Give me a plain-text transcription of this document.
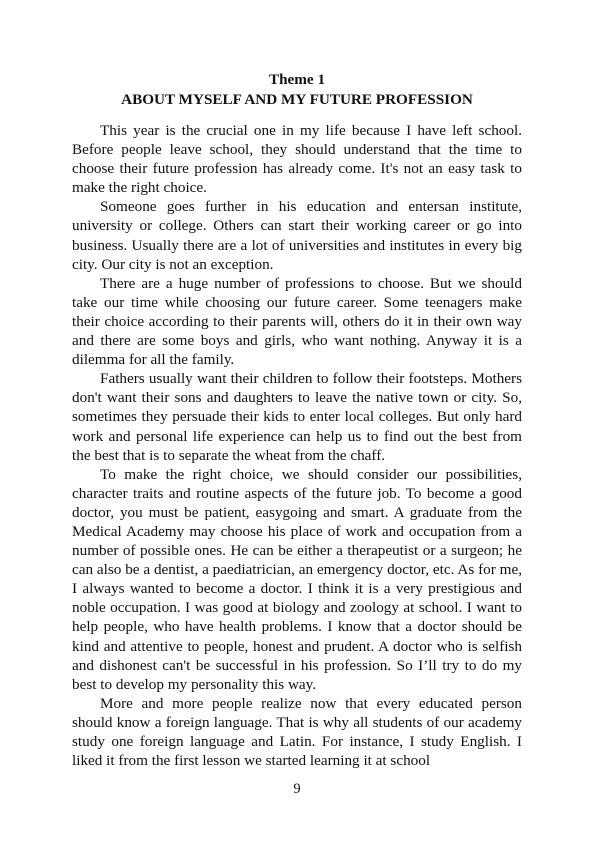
Theme 1
ABOUT MYSELF AND MY FUTURE PROFESSION

This year is the crucial one in my life because I have left school. Before people leave school, they should understand that the time to choose their future profession has already come. It's not an easy task to make the right choice.

Someone goes further in his education and entersan institute, university or college. Others can start their working career or go into business. Usually there are a lot of universities and institutes in every big city. Our city is not an exception.

There are a huge number of professions to choose. But we should take our time while choosing our future career. Some teenagers make their choice according to their parents will, others do it in their own way and there are some boys and girls, who want nothing. Anyway it is a dilemma for all the family.

Fathers usually want their children to follow their footsteps. Mothers don't want their sons and daughters to leave the native town or city. So, sometimes they persuade their kids to enter local colleges. But only hard work and personal life experience can help us to find out the best from the best that is to separate the wheat from the chaff.

To make the right choice, we should consider our possibilities, character traits and routine aspects of the future job. To become a good doctor, you must be patient, easygoing and smart. A graduate from the Medical Academy may choose his place of work and occupation from a number of possible ones. He can be either a therapeutist or a surgeon; he can also be a dentist, a paediatrician, an emergency doctor, etc. As for me, I always wanted to become a doctor. I think it is a very prestigious and noble occupation. I was good at biology and zoology at school. I want to help people, who have health problems. I know that a doctor should be kind and attentive to people, honest and prudent. A doctor who is selfish and dishonest can't be successful in his profession. So I’ll try to do my best to develop my personality this way.

More and more people realize now that every educated person should know a foreign language. That is why all students of our academy study one foreign language and Latin. For instance, I study English. I liked it from the first lesson we started learning it at school

9
